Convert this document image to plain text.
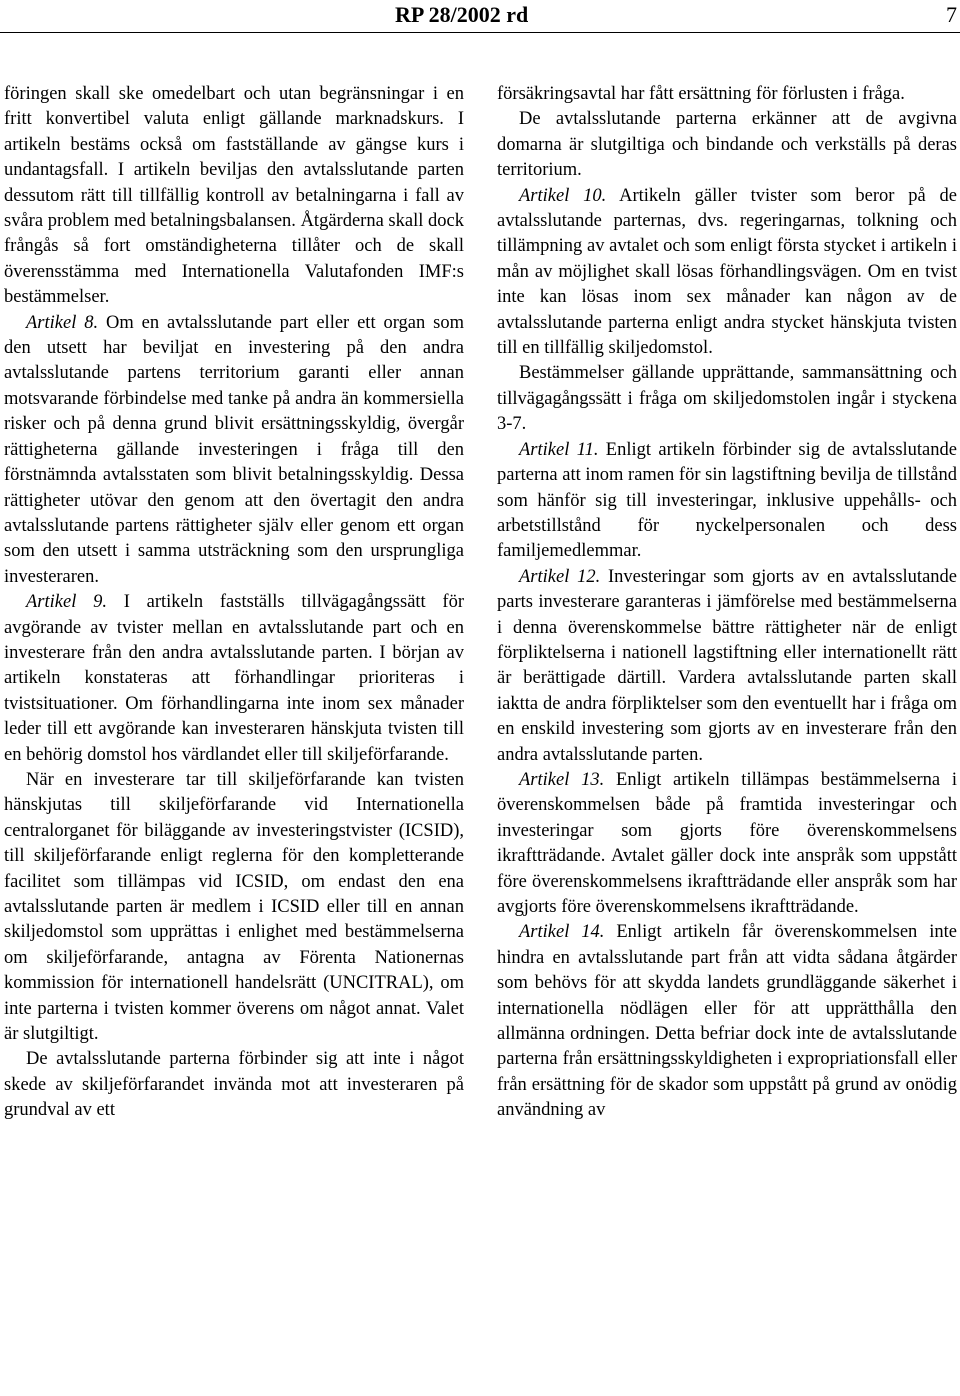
RP 28/2002 rd	7

föringen skall ske omedelbart och utan begränsningar i en fritt konvertibel valuta enligt gällande marknadskurs. I artikeln bestäms också om fastställande av gängse kurs i undantagsfall. I artikeln beviljas den avtalsslutande parten dessutom rätt till tillfällig kontroll av betalningarna i fall av svåra problem med betalningsbalansen. Åtgärderna skall dock frångås så fort omständigheterna tillåter och de skall överensstämma med Internationella Valutafonden IMF:s bestämmelser.

Artikel 8. Om en avtalsslutande part eller ett organ som den utsett har beviljat en investering på den andra avtalsslutande partens territorium garanti eller annan motsvarande förbindelse med tanke på andra än kommersiella risker och på denna grund blivit ersättningsskyldig, övergår rättigheterna gällande investeringen i fråga till den förstnämnda avtalsstaten som blivit betalningsskyldig. Dessa rättigheter utövar den genom att den övertagit den andra avtalsslutande partens rättigheter själv eller genom ett organ som den utsett i samma utsträckning som den ursprungliga investeraren.

Artikel 9. I artikeln fastställs tillvägagångssätt för avgörande av tvister mellan en avtalsslutande part och en investerare från den andra avtalsslutande parten. I början av artikeln konstateras att förhandlingar prioriteras i tvistsituationer. Om förhandlingarna inte inom sex månader leder till ett avgörande kan investeraren hänskjuta tvisten till en behörig domstol hos värdlandet eller till skiljeförfarande.

När en investerare tar till skiljeförfarande kan tvisten hänskjutas till skiljeförfarande vid Internationella centralorganet för biläggande av investeringstvister (ICSID), till skiljeförfarande enligt reglerna för den kompletterande facilitet som tillämpas vid ICSID, om endast den ena avtalsslutande parten är medlem i ICSID eller till en annan skiljedomstol som upprättas i enlighet med bestämmelserna om skiljeförfarande, antagna av Förenta Nationernas kommission för internationell handelsrätt (UNCITRAL), om inte parterna i tvisten kommer överens om något annat. Valet är slutgiltigt.

De avtalsslutande parterna förbinder sig att inte i något skede av skiljeförfarandet invända mot att investeraren på grundval av ett

försäkringsavtal har fått ersättning för förlusten i fråga.

De avtalsslutande parterna erkänner att de avgivna domarna är slutgiltiga och bindande och verkställs på deras territorium.

Artikel 10. Artikeln gäller tvister som beror på de avtalsslutande parternas, dvs. regeringarnas, tolkning och tillämpning av avtalet och som enligt första stycket i artikeln i mån av möjlighet skall lösas förhandlingsvägen. Om en tvist inte kan lösas inom sex månader kan någon av de avtalsslutande parterna enligt andra stycket hänskjuta tvisten till en tillfällig skiljedomstol.

Bestämmelser gällande upprättande, sammansättning och tillvägagångssätt i fråga om skiljedomstolen ingår i styckena 3-7.

Artikel 11. Enligt artikeln förbinder sig de avtalsslutande parterna att inom ramen för sin lagstiftning bevilja de tillstånd som hänför sig till investeringar, inklusive uppehålls- och arbetstillstånd för nyckelpersonalen och dess familjemedlemmar.

Artikel 12. Investeringar som gjorts av en avtalsslutande parts investerare garanteras i jämförelse med bestämmelserna i denna överenskommelse bättre rättigheter när de enligt förpliktelserna i nationell lagstiftning eller internationellt rätt är berättigade därtill. Vardera avtalsslutande parten skall iaktta de andra förpliktelser som den eventuellt har i fråga om en enskild investering som gjorts av en investerare från den andra avtalsslutande parten.

Artikel 13. Enligt artikeln tillämpas bestämmelserna i överenskommelsen både på framtida investeringar och investeringar som gjorts före överenskommelsens ikraftträdande. Avtalet gäller dock inte anspråk som uppstått före överenskommelsens ikraftträdande eller anspråk som har avgjorts före överenskommelsens ikraftträdande.

Artikel 14. Enligt artikeln får överenskommelsen inte hindra en avtalsslutande part från att vidta sådana åtgärder som behövs för att skydda landets grundläggande säkerhet i internationella nödlägen eller för att upprätthålla den allmänna ordningen. Detta befriar dock inte de avtalsslutande parterna från ersättningsskyldigheten i expropriationsfall eller från ersättning för de skador som uppstått på grund av onödig användning av
